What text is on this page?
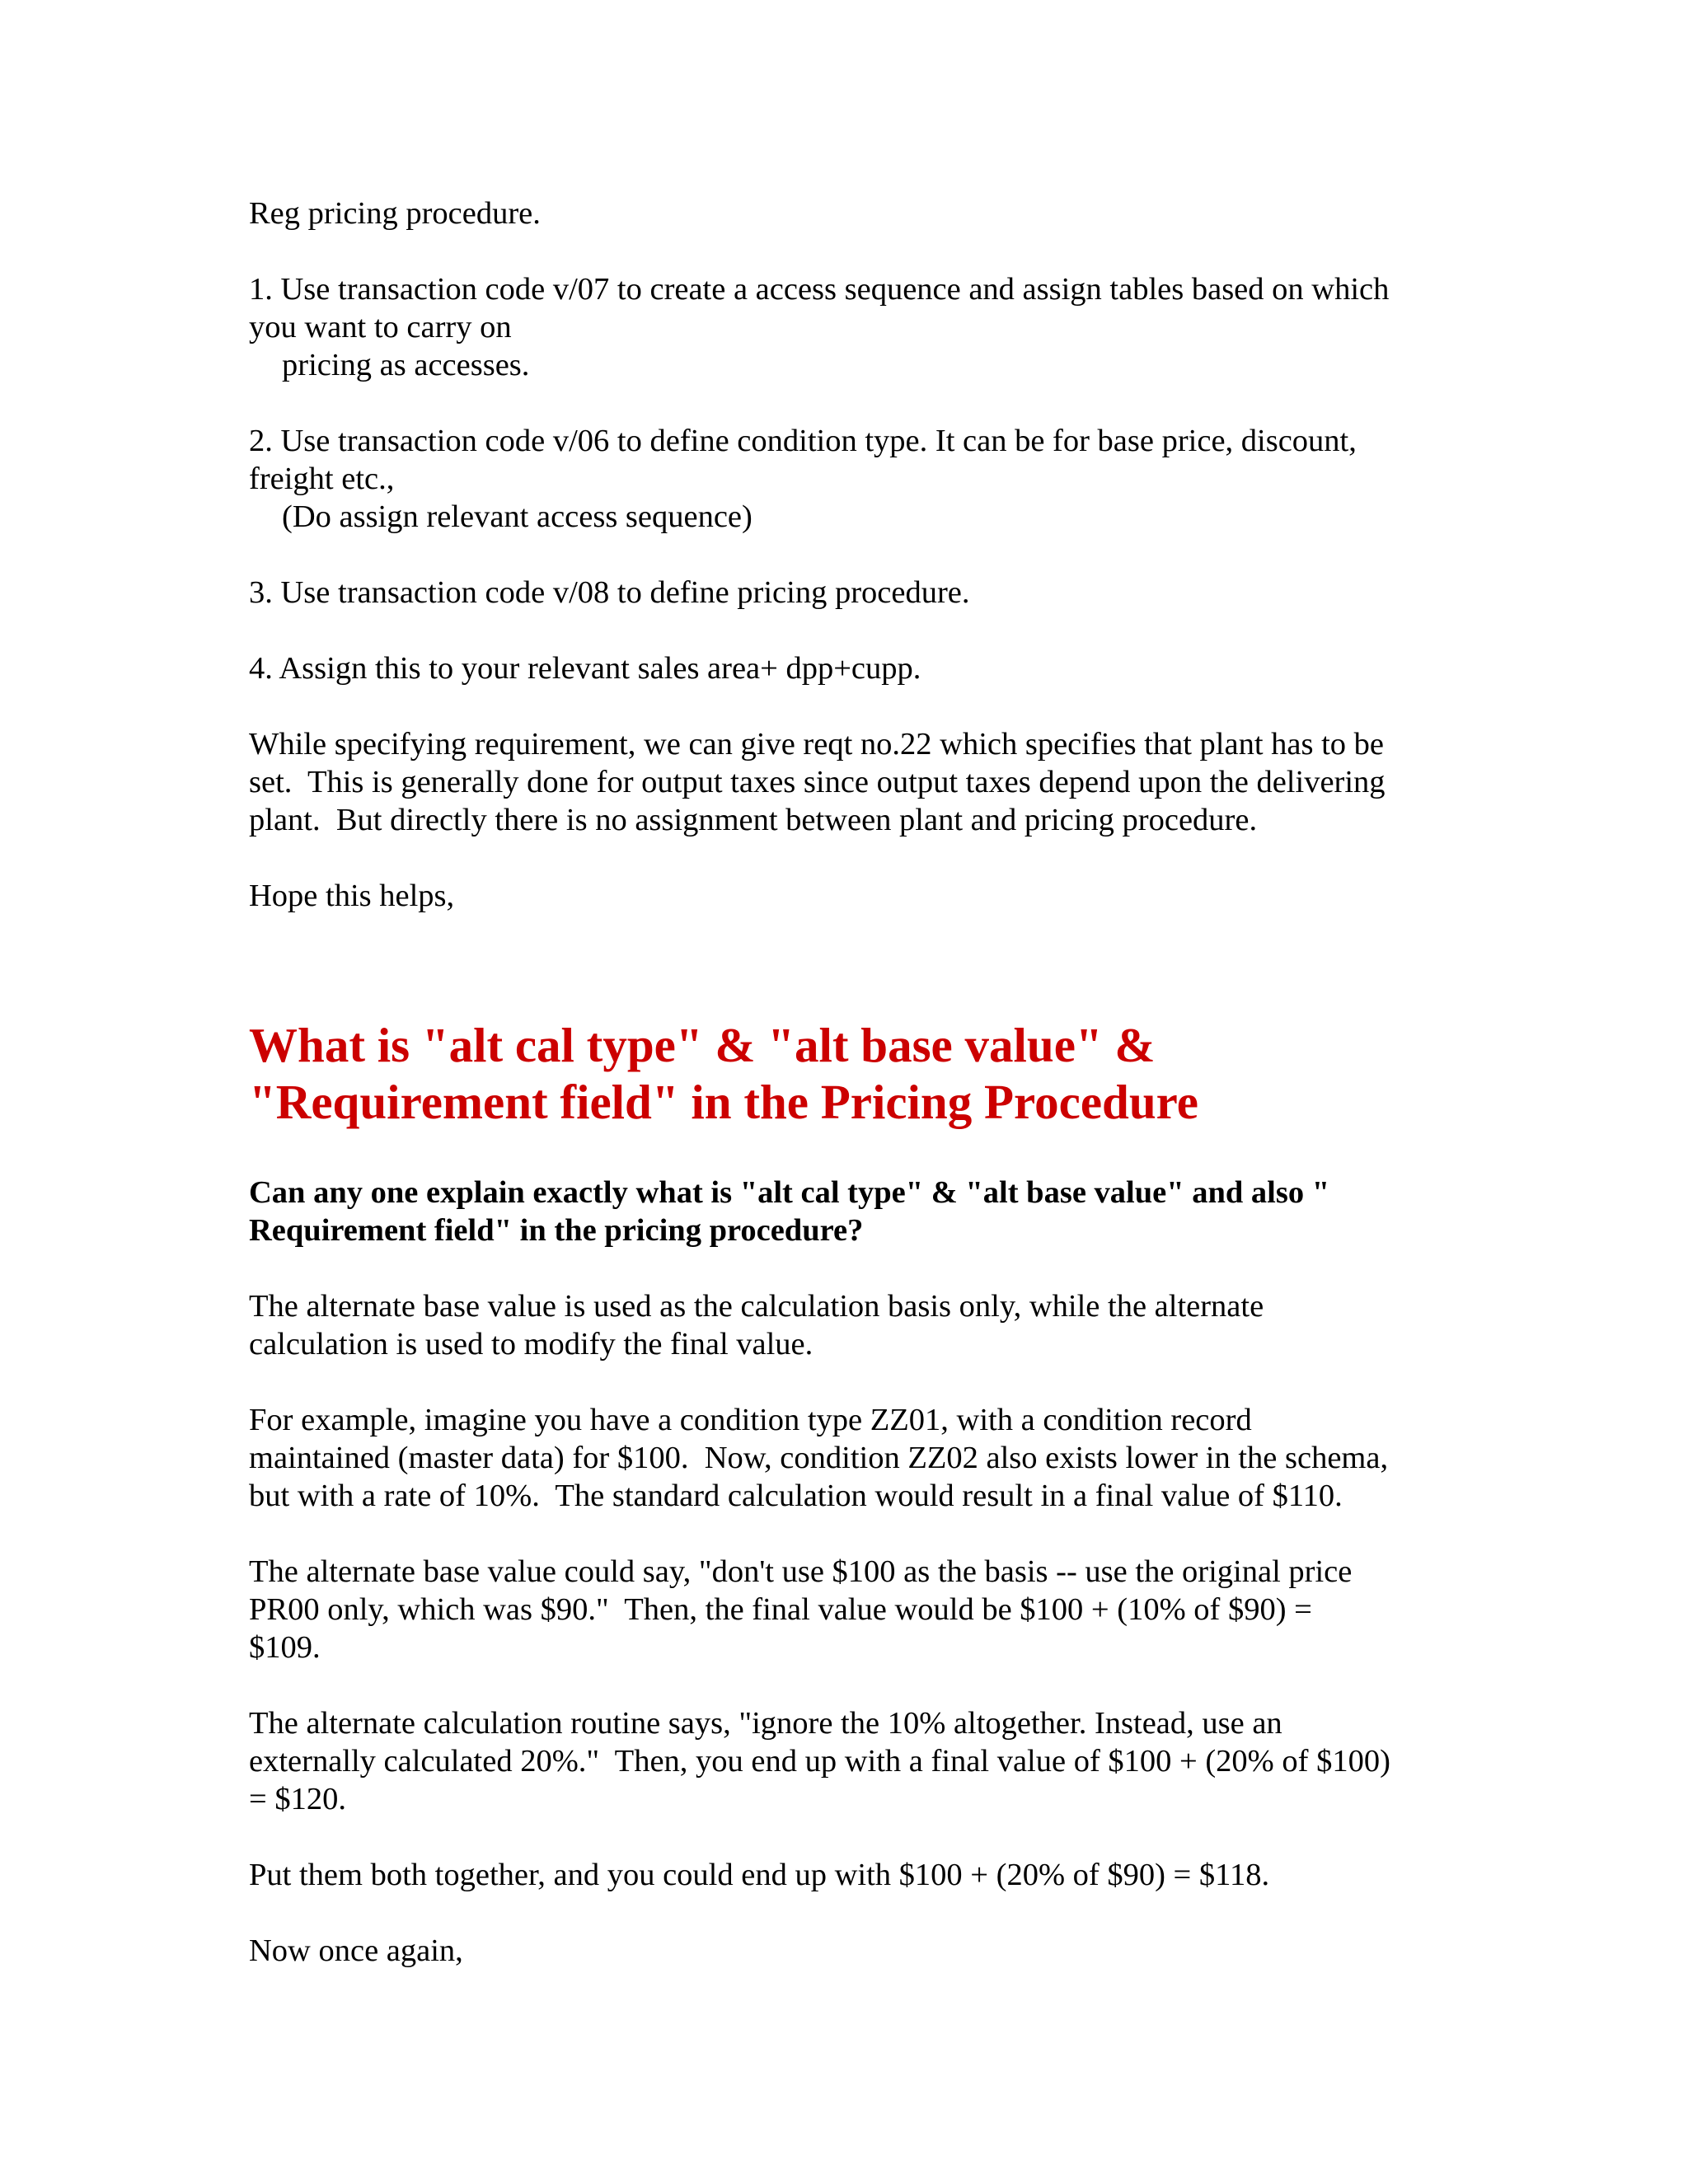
Reg pricing procedure.

1. Use transaction code v/07 to create a access sequence and assign tables based on which

you want to carry on

pricing as accesses.

2. Use transaction code v/06 to define condition type. It can be for base price, discount,

freight etc.,

(Do assign relevant access sequence)

3. Use transaction code v/08 to define pricing procedure.

4. Assign this to your relevant sales area+ dpp+cupp.

While specifying requirement, we can give reqt no.22 which specifies that plant has to be

set.  This is generally done for output taxes since output taxes depend upon the delivering

plant.  But directly there is no assignment between plant and pricing procedure.

Hope this helps,

What is "alt cal type" & "alt base value" &

"Requirement field" in the Pricing Procedure

Can any one explain exactly what is "alt cal type" & "alt base value" and also "

Requirement field" in the pricing procedure?

The alternate base value is used as the calculation basis only, while the alternate

calculation is used to modify the final value.

For example, imagine you have a condition type ZZ01, with a condition record

maintained (master data) for $100.  Now, condition ZZ02 also exists lower in the schema,

but with a rate of 10%.  The standard calculation would result in a final value of $110.

The alternate base value could say, "don't use $100 as the basis -- use the original price

PR00 only, which was $90."  Then, the final value would be $100 + (10% of $90) =

$109.

The alternate calculation routine says, "ignore the 10% altogether. Instead, use an

externally calculated 20%."  Then, you end up with a final value of $100 + (20% of $100)

= $120.

Put them both together, and you could end up with $100 + (20% of $90) = $118.

Now once again,
